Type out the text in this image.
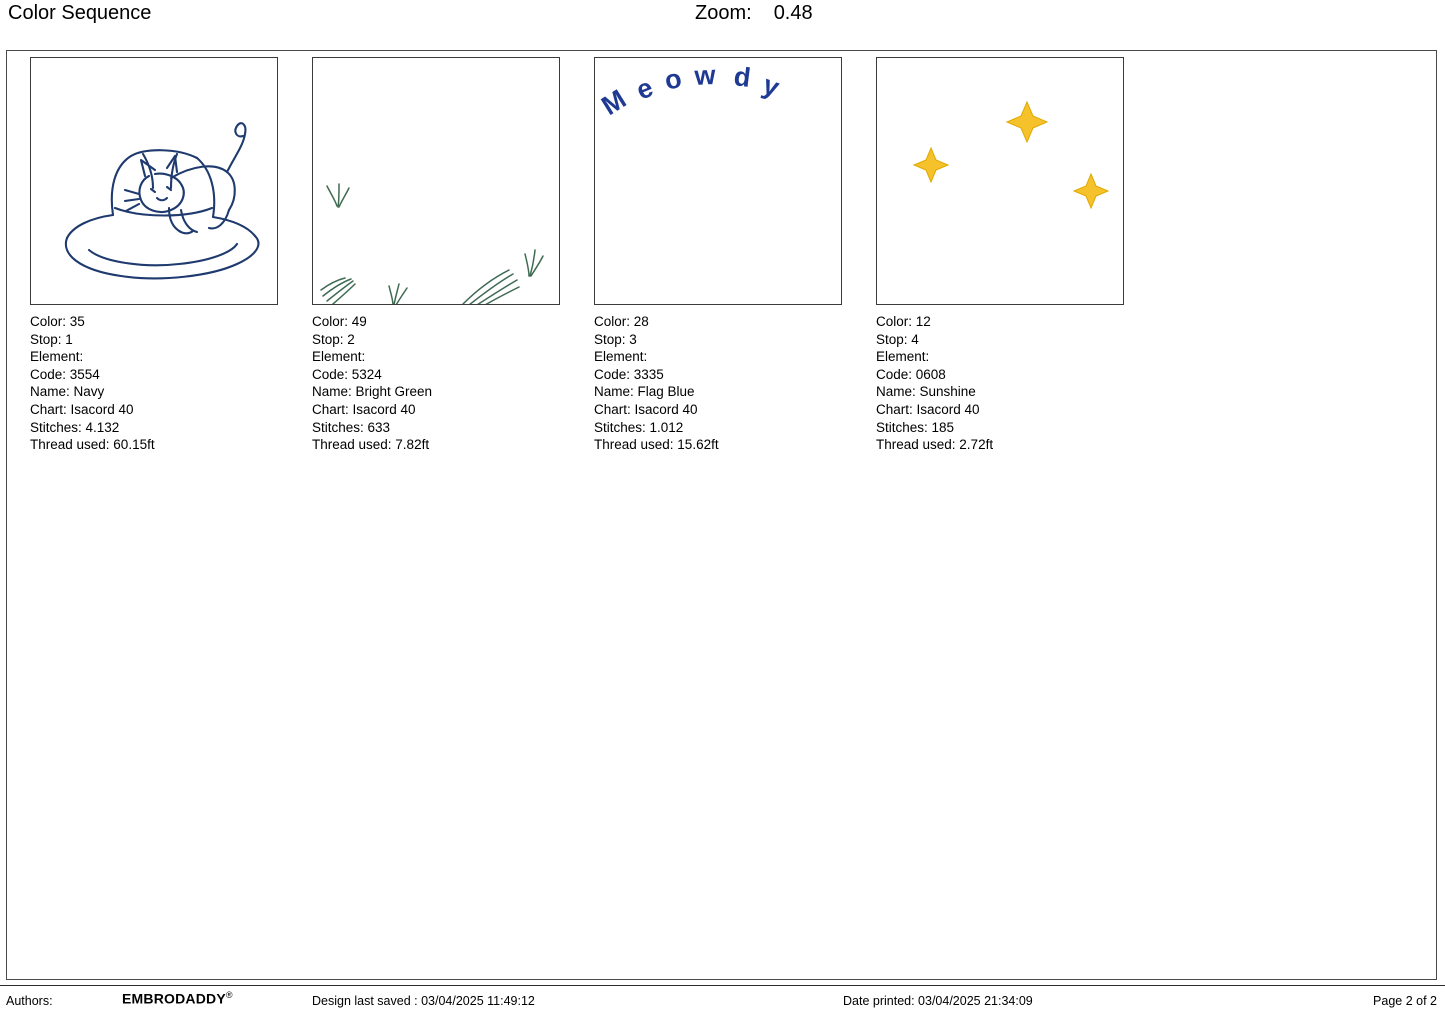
Color Sequence	Zoom: 0.48
Color: 35
Stop: 1
Element:
Code: 3554
Name: Navy
Chart: Isacord 40
Stitches: 4.132
Thread used: 60.15ft
Color: 49
Stop: 2
Element:
Code: 5324
Name: Bright Green
Chart: Isacord 40
Stitches: 633
Thread used: 7.82ft
M e o w d y
Color: 28
Stop: 3
Element:
Code: 3335
Name: Flag Blue
Chart: Isacord 40
Stitches: 1.012
Thread used: 15.62ft
Color: 12
Stop: 4
Element:
Code: 0608
Name: Sunshine
Chart: Isacord 40
Stitches: 185
Thread used: 2.72ft
Authors:	EMBRODADDY®	Design last saved : 03/04/2025 11:49:12	Date printed: 03/04/2025 21:34:09	Page 2 of 2
